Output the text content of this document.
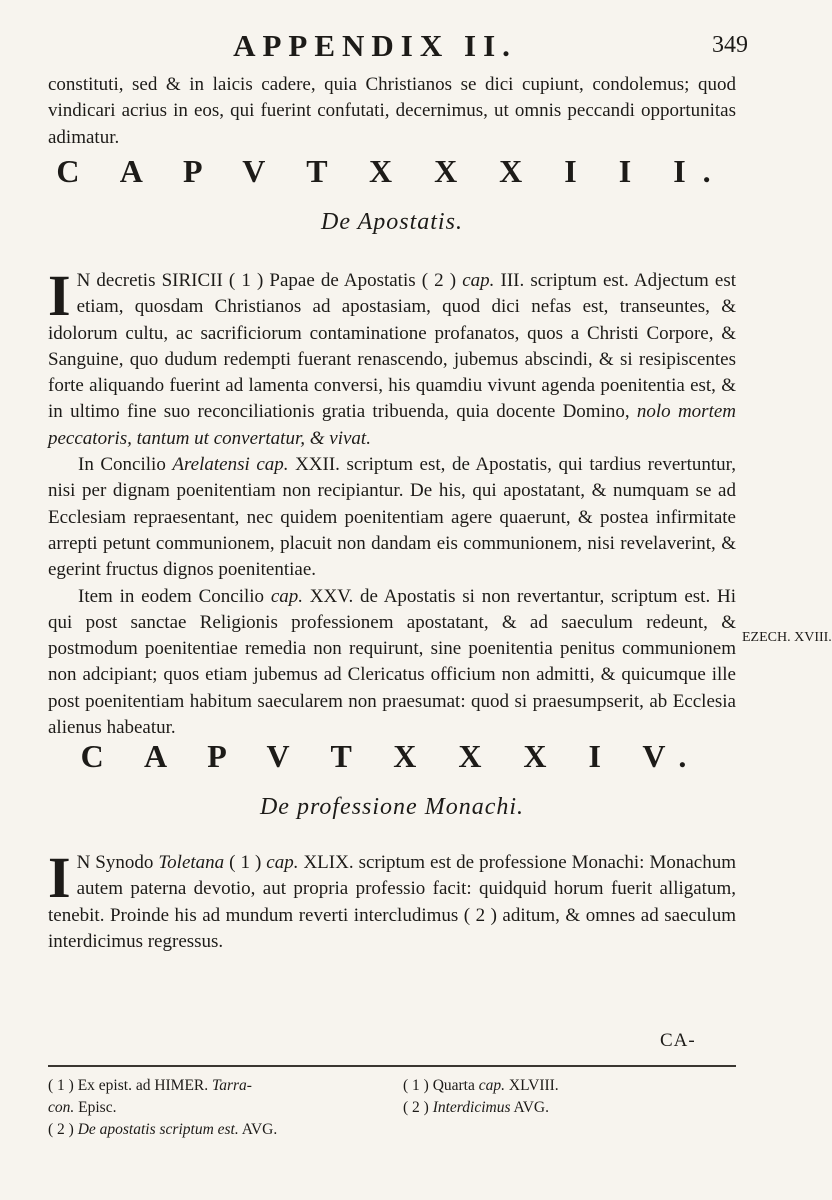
APPENDIX II.	349

constituti, sed & in laicis cadere, quia Christianos se dici cupiunt, condolemus; quod vindicari acrius in eos, qui fuerint confutati, decernimus, ut omnis peccandi opportunitas adimatur.

C A P V T X X X I I I.
De Apostatis.

I N decretis SIRICII ( 1 ) Papae de Apostatis ( 2 ) cap. III. scriptum est. Adjectum est etiam, quosdam Christianos ad apostasiam, quod dici nefas est, transeuntes, & idolorum cultu, ac sacrificiorum contaminatione profanatos, quos a Christi Corpore, & Sanguine, quo dudum redempti fuerant renascendo, jubemus abscindi, & si resipiscentes forte aliquando fuerint ad lamenta conversi, his quamdiu vivunt agenda poenitentia est, & in ultimo fine suo reconciliationis gratia tribuenda, quia docente Domino, nolo mortem peccatoris, tantum ut convertatur, & vivat.

In Concilio Arelatensi cap. XXII. scriptum est, de Apostatis, qui tardius revertuntur, nisi per dignam poenitentiam non recipiantur. De his, qui apostatant, & numquam se ad Ecclesiam repraesentant, nec quidem poenitentiam agere quaerunt, & postea infirmitate arrepti petunt communionem, placuit non dandam eis communionem, nisi revelaverint, & egerint fructus dignos poenitentiae.

Item in eodem Concilio cap. XXV. de Apostatis si non revertantur, scriptum est. Hi qui post sanctae Religionis professionem apostatant, & ad saeculum redeunt, & postmodum poenitentiae remedia non requirunt, sine poenitentia penitus communionem non adcipiant; quos etiam jubemus ad Clericatus officium non admitti, & quicumque ille post poenitentiam habitum saecularem non praesumat: quod si praesumpserit, ab Ecclesia alienus habeatur.

EZECH. XVIII.
C A P V T X X X I V.
De professione Monachi.

I N Synodo Toletana ( 1 ) cap. XLIX. scriptum est de professione Monachi: Monachum autem paterna devotio, aut propria professio facit: quidquid horum fuerit alligatum, tenebit. Proinde his ad mundum reverti intercludimus ( 2 ) aditum, & omnes ad saeculum interdicimus regressus.

CA-
( 1 ) Ex epist. ad HIMER. Tarra-
con. Episc.
( 2 ) De apostatis scriptum est. AVG.
( 1 ) Quarta cap. XLVIII.
( 2 ) Interdicimus AVG.
